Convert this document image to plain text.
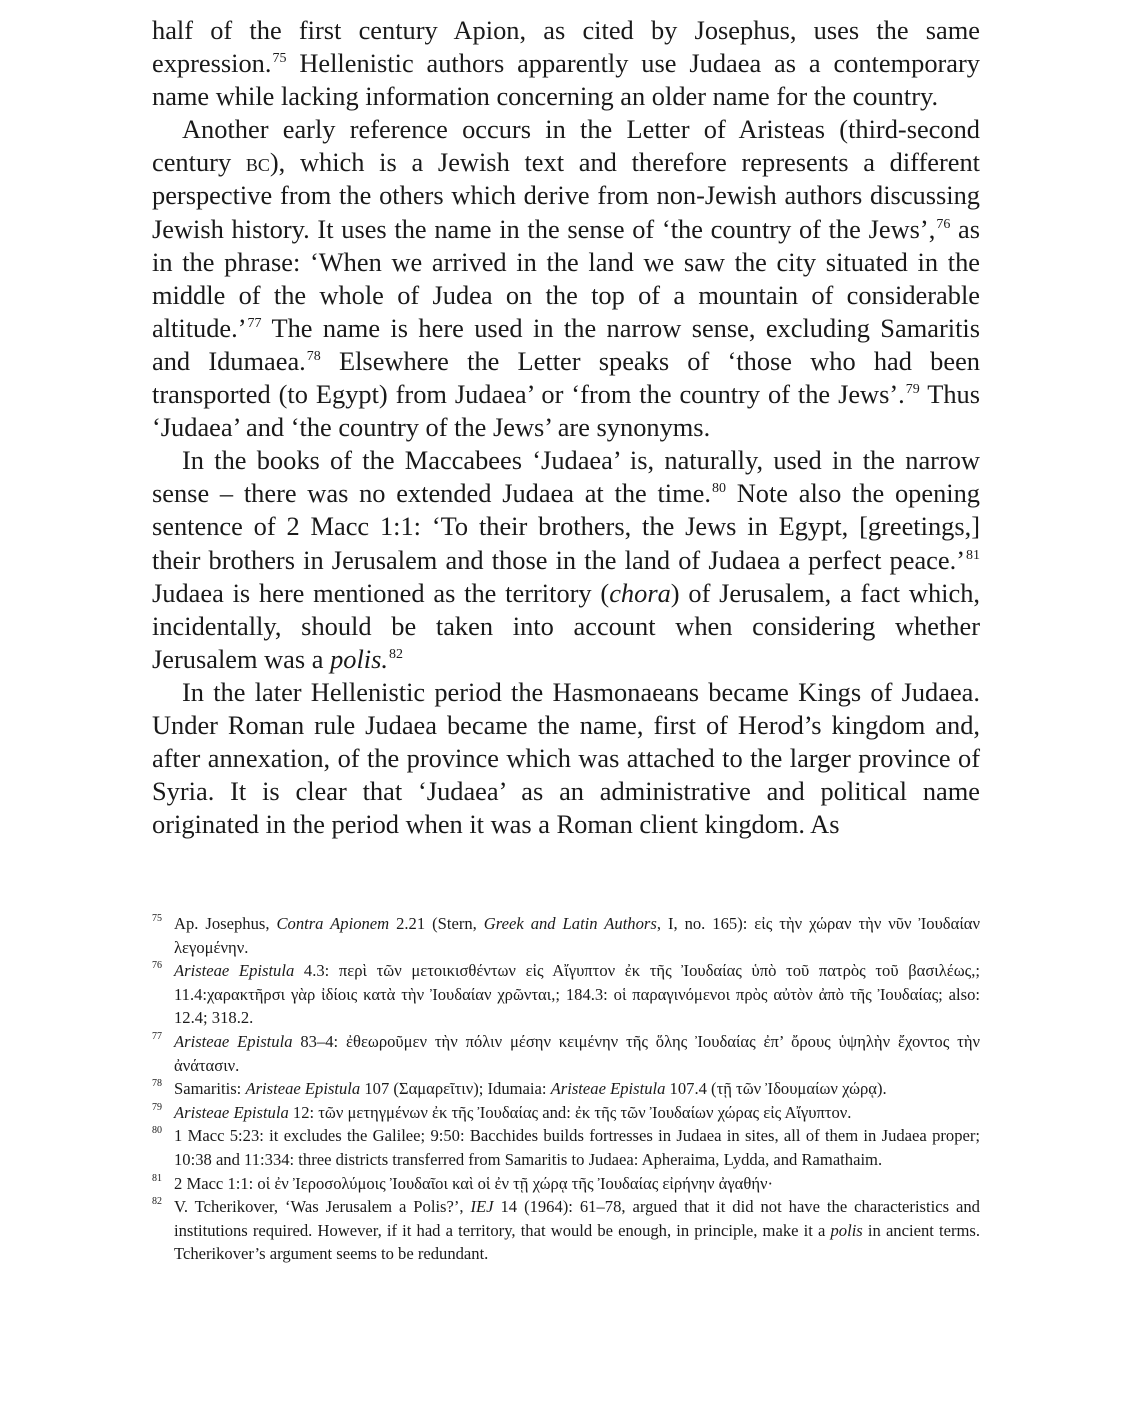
half of the first century Apion, as cited by Josephus, uses the same expression.$^{75}$ Hellenistic authors apparently use Judaea as a contemporary name while lacking information concerning an older name for the country.

Another early reference occurs in the Letter of Aristeas (third-second century bc), which is a Jewish text and therefore represents a different perspective from the others which derive from non-Jewish authors discussing Jewish history. It uses the name in the sense of ‘the country of the Jews’,$^{76}$ as in the phrase: ‘When we arrived in the land we saw the city situated in the middle of the whole of Judea on the top of a mountain of considerable altitude.’$^{77}$ The name is here used in the narrow sense, excluding Samaritis and Idumaea.$^{78}$ Elsewhere the Letter speaks of ‘those who had been transported (to Egypt) from Judaea’ or ‘from the country of the Jews’.$^{79}$ Thus ‘Judaea’ and ‘the country of the Jews’ are synonyms.

In the books of the Maccabees ‘Judaea’ is, naturally, used in the narrow sense – there was no extended Judaea at the time.$^{80}$ Note also the opening sentence of 2 Macc 1:1: ‘To their brothers, the Jews in Egypt, [greetings,] their brothers in Jerusalem and those in the land of Judaea a perfect peace.’$^{81}$ Judaea is here mentioned as the territory (chora) of Jerusalem, a fact which, incidentally, should be taken into account when considering whether Jerusalem was a polis.$^{82}$

In the later Hellenistic period the Hasmonaeans became Kings of Judaea. Under Roman rule Judaea became the name, first of Herod’s kingdom and, after annexation, of the province which was attached to the larger province of Syria. It is clear that ‘Judaea’ as an administrative and political name originated in the period when it was a Roman client kingdom. As

75 Ap. Josephus, Contra Apionem 2.21 (Stern, Greek and Latin Authors, I, no. 165): εἰς τὴν χώραν τὴν νῦν Ἰουδαίαν λεγομένην.
76 Aristeae Epistula 4.3: περὶ τῶν μετοικισθέντων εἰς Αἴγυπτον ἐκ τῆς Ἰουδαίας ὑπὸ τοῦ πατρὸς τοῦ βασιλέως,; 11.4:χαρακτῆρσι γὰρ ἰδίοις κατὰ τὴν Ἰουδαίαν χρῶνται,; 184.3: οἱ παραγινόμενοι πρὸς αὐτὸν ἀπὸ τῆς Ἰουδαίας; also: 12.4; 318.2.
77 Aristeae Epistula 83–4: ἐθεωροῦμεν τὴν πόλιν μέσην κειμένην τῆς ὅλης Ἰουδαίας ἐπ’ ὄρους ὑψηλὴν ἔχοντος τὴν ἀνάτασιν.
78 Samaritis: Aristeae Epistula 107 (Σαμαρεῖτιν); Idumaia: Aristeae Epistula 107.4 (τῇ τῶν Ἰδουμαίων χώρᾳ).
79 Aristeae Epistula 12: τῶν μετηγμένων ἐκ τῆς Ἰουδαίας and: ἐκ τῆς τῶν Ἰουδαίων χώρας εἰς Αἴγυπτον.
80 1 Macc 5:23: it excludes the Galilee; 9:50: Bacchides builds fortresses in Judaea in sites, all of them in Judaea proper; 10:38 and 11:334: three districts transferred from Samaritis to Judaea: Apheraima, Lydda, and Ramathaim.
81 2 Macc 1:1: οἱ ἐν Ἰεροσολύμοις Ἰουδαῖοι καὶ οἱ ἐν τῇ χώρᾳ τῆς Ἰουδαίας εἰρήνην ἀγαθήν·
82 V. Tcherikover, ‘Was Jerusalem a Polis?’, IEJ 14 (1964): 61–78, argued that it did not have the characteristics and institutions required. However, if it had a territory, that would be enough, in principle, make it a polis in ancient terms. Tcherikover’s argument seems to be redundant.
